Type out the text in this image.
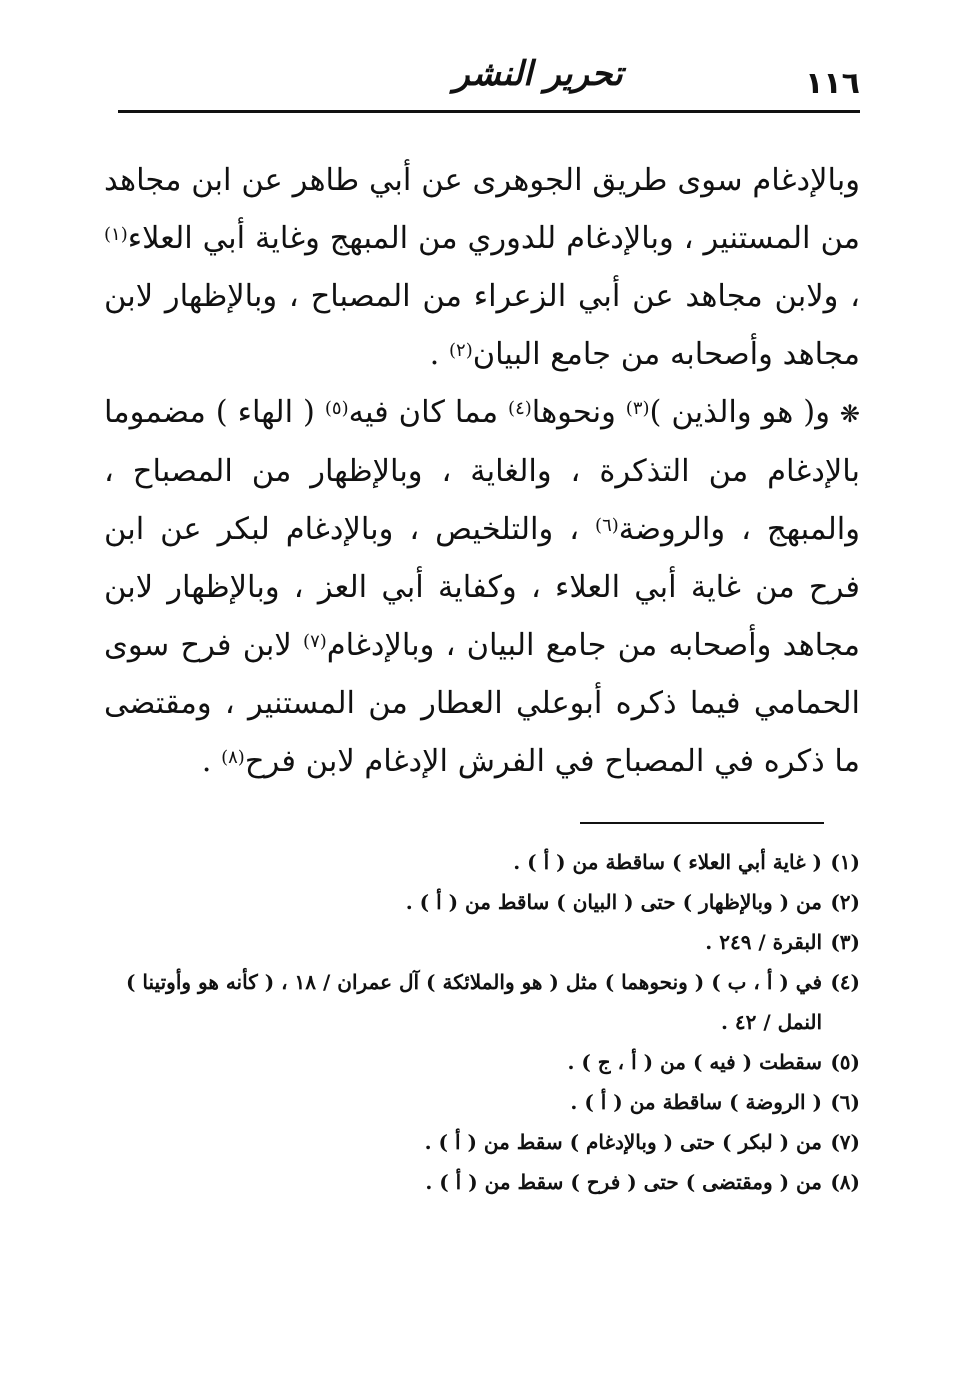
١١٦
تحرير النشر

وبالإدغام سوى طريق الجوهرى عن أبي طاهر عن ابن مجاهد من المستنير ، وبالإدغام للدوري من المبهج وغاية أبي العلاء$^{(١)}$ ، ولابن مجاهد عن أبي الزعراء من المصباح ، وبالإظهار لابن مجاهد وأصحابه من جامع البيان$^{(٢)}$ .

❋ و( هو والذين )$^{(٣)}$ ونحوها$^{(٤)}$ مما كان فيه$^{(٥)}$ ( الهاء ) مضموما بالإدغام من التذكرة ، والغاية ، وبالإظهار من المصباح ، والمبهج ، والروضة$^{(٦)}$ ، والتلخيص ، وبالإدغام لبكر عن ابن فرح من غاية أبي العلاء ، وكفاية أبي العز ، وبالإظهار لابن مجاهد وأصحابه من جامع البيان ، وبالإدغام$^{(٧)}$ لابن فرح سوى الحمامي فيما ذكره أبوعلي العطار من المستنير ، ومقتضى ما ذكره في المصباح في الفرش الإدغام لابن فرح$^{(٨)}$ .

(١)
( غاية أبي العلاء ) ساقطة من ( أ ) .

(٢)
من ( وبالإظهار ) حتى ( البيان ) ساقط من ( أ ) .

(٣)
البقرة / ٢٤٩ .

(٤)
في ( أ ، ب ) ( ونحوهما ) مثل ( هو والملائكة ) آل عمران / ١٨ ، ( كأنه هو وأوتينا ) النمل / ٤٢ .

(٥)
سقطت ( فيه ) من ( أ ، ج ) .

(٦)
( الروضة ) ساقطة من ( أ ) .

(٧)
من ( لبكر ) حتى ( وبالإدغام ) سقط من ( أ ) .

(٨)
من ( ومقتضى ) حتى ( فرح ) سقط من ( أ ) .
